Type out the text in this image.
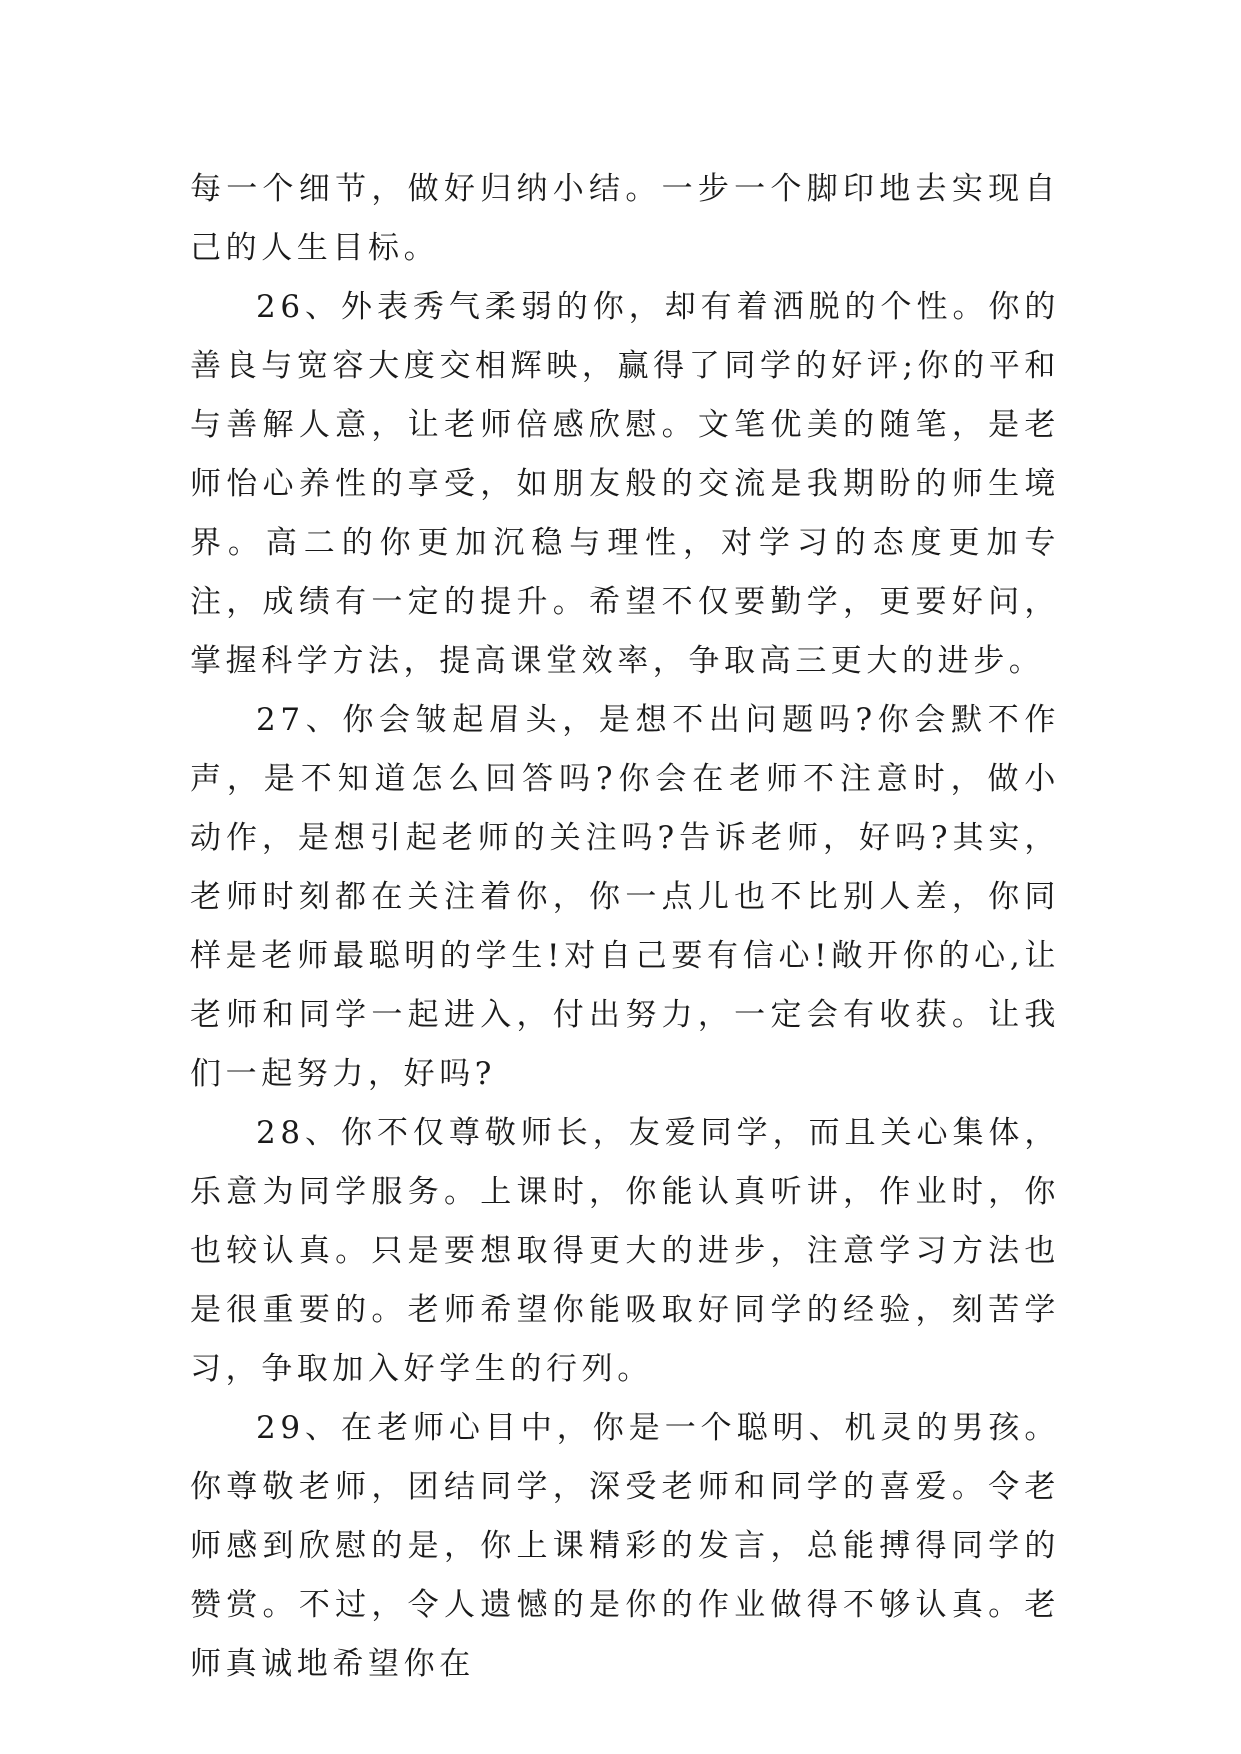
每一个细节，做好归纳小结。一步一个脚印地去实现自己的人生目标。

26、外表秀气柔弱的你，却有着洒脱的个性。你的善良与宽容大度交相辉映，赢得了同学的好评;你的平和与善解人意，让老师倍感欣慰。文笔优美的随笔，是老师怡心养性的享受，如朋友般的交流是我期盼的师生境界。高二的你更加沉稳与理性，对学习的态度更加专注，成绩有一定的提升。希望不仅要勤学，更要好问，掌握科学方法，提高课堂效率，争取高三更大的进步。

27、你会皱起眉头，是想不出问题吗?你会默不作声，是不知道怎么回答吗?你会在老师不注意时，做小动作，是想引起老师的关注吗?告诉老师，好吗?其实，老师时刻都在关注着你，你一点儿也不比别人差，你同样是老师最聪明的学生!对自己要有信心!敞开你的心,让老师和同学一起进入，付出努力，一定会有收获。让我们一起努力，好吗?

28、你不仅尊敬师长，友爱同学，而且关心集体，乐意为同学服务。上课时，你能认真听讲，作业时，你也较认真。只是要想取得更大的进步，注意学习方法也是很重要的。老师希望你能吸取好同学的经验，刻苦学习，争取加入好学生的行列。

29、在老师心目中，你是一个聪明、机灵的男孩。你尊敬老师，团结同学，深受老师和同学的喜爱。令老师感到欣慰的是，你上课精彩的发言，总能搏得同学的赞赏。不过，令人遗憾的是你的作业做得不够认真。老师真诚地希望你在
